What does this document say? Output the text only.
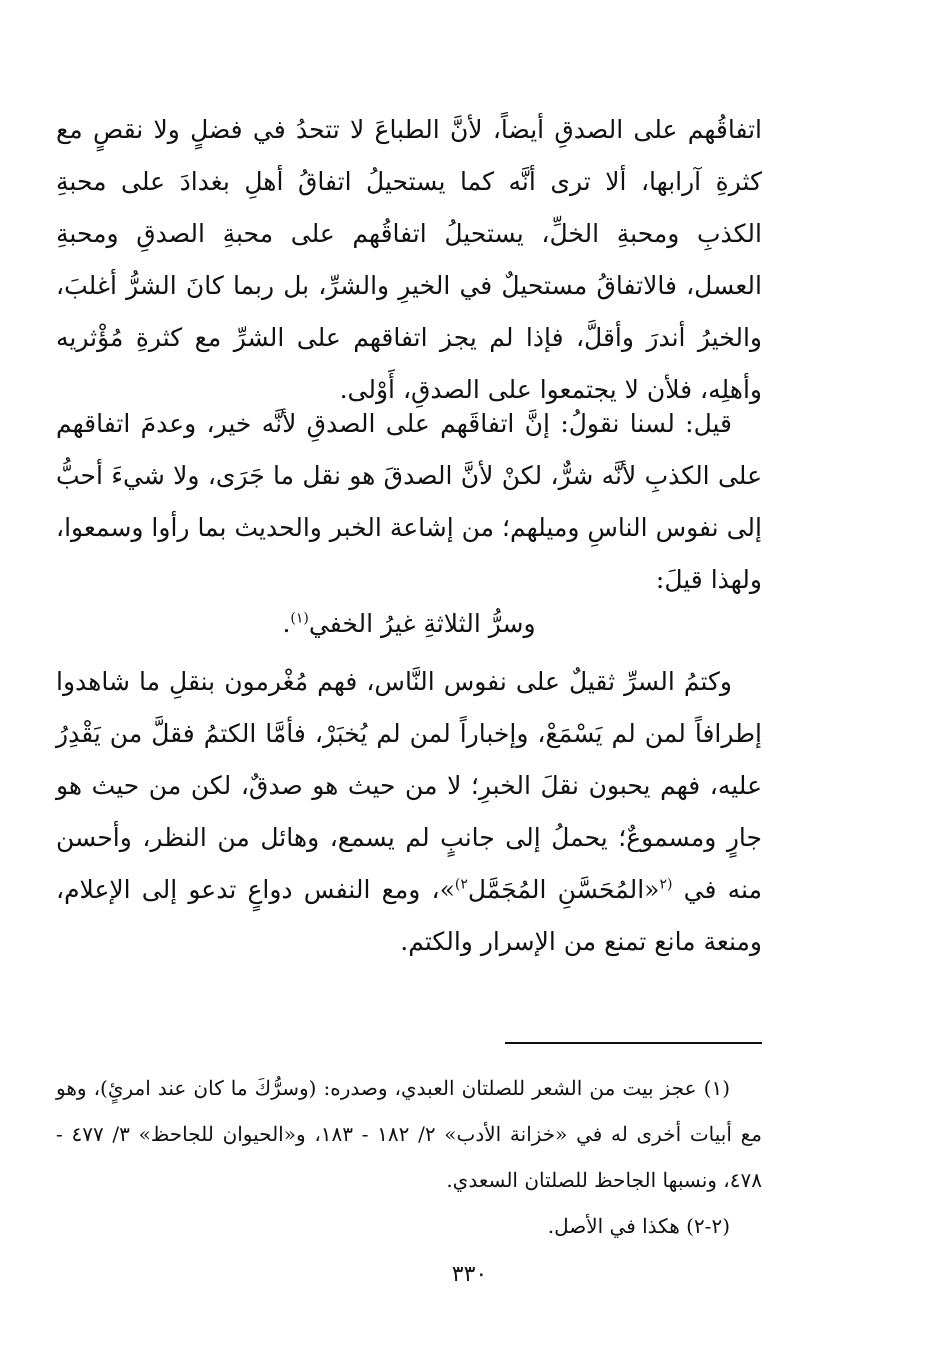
اتفاقُهم على الصدقِ أيضاً، لأنَّ الطباعَ لا تتحدُ في فضلٍ ولا نقصٍ مع كثرةِ آرابها، ألا ترى أنَّه كما يستحيلُ اتفاقُ أهلِ بغدادَ على محبةِ الكذبِ ومحبةِ الخلِّ، يستحيلُ اتفاقُهم على محبةِ الصدقِ ومحبةِ العسل، فالاتفاقُ مستحيلٌ في الخيرِ والشرِّ، بل ربما كانَ الشرُّ أغلبَ، والخيرُ أندرَ وأقلَّ، فإذا لم يجز اتفاقهم على الشرِّ مع كثرةِ مُؤْثريه وأهلِه، فلأن لا يجتمعوا على الصدقِ، أَوْلى.
قيل: لسنا نقولُ: إنَّ اتفاقَهم على الصدقِ لأنَّه خير، وعدمَ اتفاقهم على الكذبِ لأنَّه شرٌّ، لكنْ لأنَّ الصدقَ هو نقل ما جَرَى، ولا شيءَ أحبُّ إلى نفوس الناسِ وميلهم؛ من إشاعة الخبر والحديث بما رأوا وسمعوا، ولهذا قيلَ:
وسرُّ الثلاثةِ غيرُ الخفي$^{(١)}$.
وكتمُ السرِّ ثقيلٌ على نفوس النَّاس، فهم مُغْرمون بنقلِ ما شاهدوا إطرافاً لمن لم يَسْمَعْ، وإخباراً لمن لم يُخبَرْ، فأمَّا الكتمُ فقلَّ من يَقْدِرُ عليه، فهم يحبون نقلَ الخبرِ؛ لا من حيث هو صدقٌ، لكن من حيث هو جارٍ ومسموعٌ؛ يحملُ إلى جانبٍ لم يسمع، وهائل من النظر، وأحسن منه في $^{(٢}$«المُحَسَّنِ المُجَمَّل$^{٢)}$»، ومع النفس دواعٍ تدعو إلى الإعلام، ومنعة مانع تمنع من الإسرار والكتم.
(١) عجز بيت من الشعر للصلتان العبدي، وصدره: (وسرُّكَ ما كان عند امرئٍ)، وهو مع أبيات أخرى له في «خزانة الأدب» ٢/ ١٨٢ - ١٨٣، و«الحيوان للجاحظ» ٣/ ٤٧٧ - ٤٧٨، ونسبها الجاحظ للصلتان السعدي.
(٢-٢) هكذا في الأصل.
٣٣٠
